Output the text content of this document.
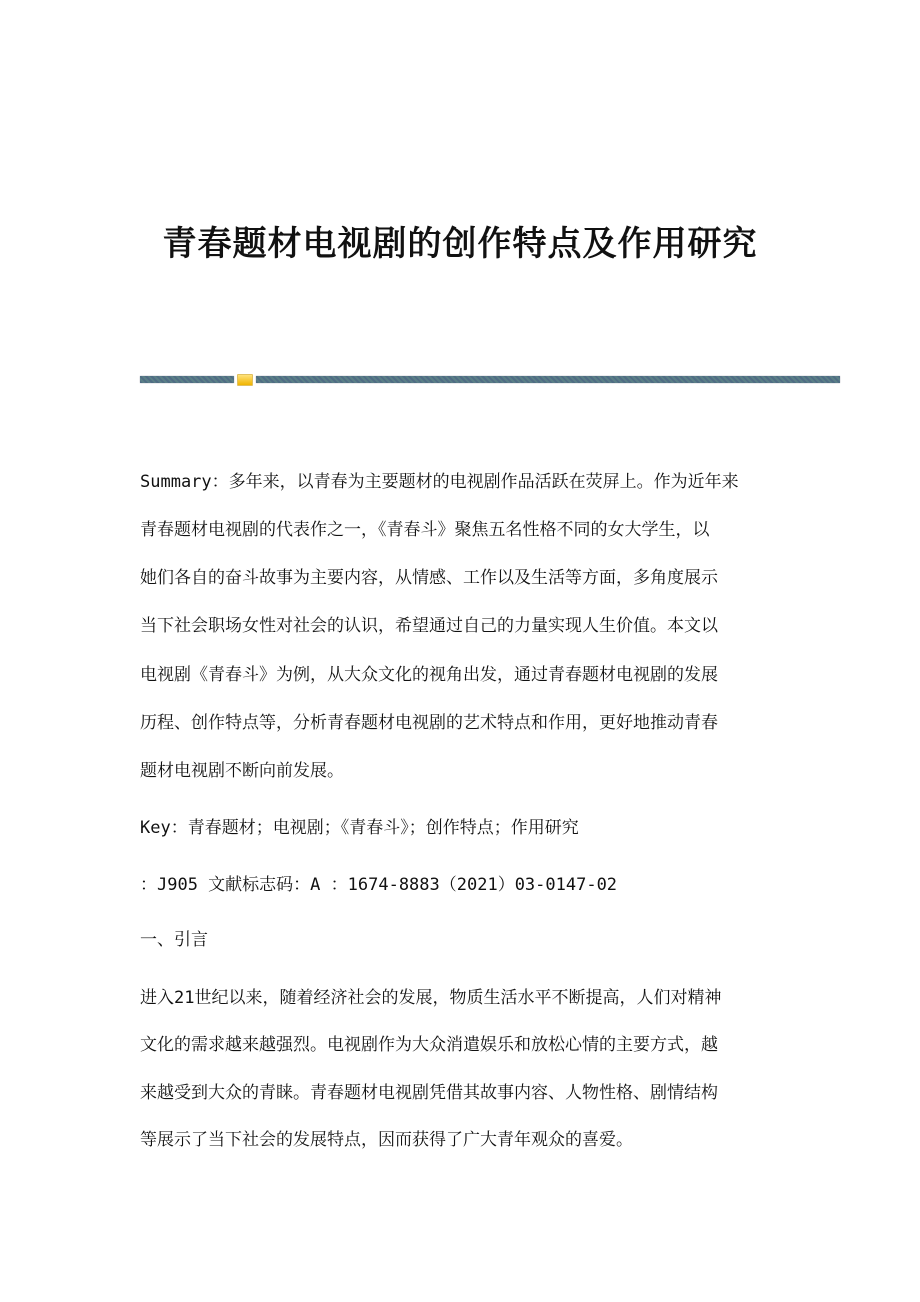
青春题材电视剧的创作特点及作用研究
Summary：多年来，以青春为主要题材的电视剧作品活跃在荧屏上。作为近年来
青春题材电视剧的代表作之一，《青春斗》聚焦五名性格不同的女大学生，以
她们各自的奋斗故事为主要内容，从情感、工作以及生活等方面，多角度展示
当下社会职场女性对社会的认识，希望通过自己的力量实现人生价值。本文以
电视剧《青春斗》为例，从大众文化的视角出发，通过青春题材电视剧的发展
历程、创作特点等，分析青春题材电视剧的艺术特点和作用，更好地推动青春
题材电视剧不断向前发展。
Key：青春题材；电视剧；《青春斗》；创作特点；作用研究
：J905 文献标志码：A ：1674-8883（2021）03-0147-02
一、引言
进入21世纪以来，随着经济社会的发展，物质生活水平不断提高，人们对精神
文化的需求越来越强烈。电视剧作为大众消遣娱乐和放松心情的主要方式，越
来越受到大众的青睐。青春题材电视剧凭借其故事内容、人物性格、剧情结构
等展示了当下社会的发展特点，因而获得了广大青年观众的喜爱。
